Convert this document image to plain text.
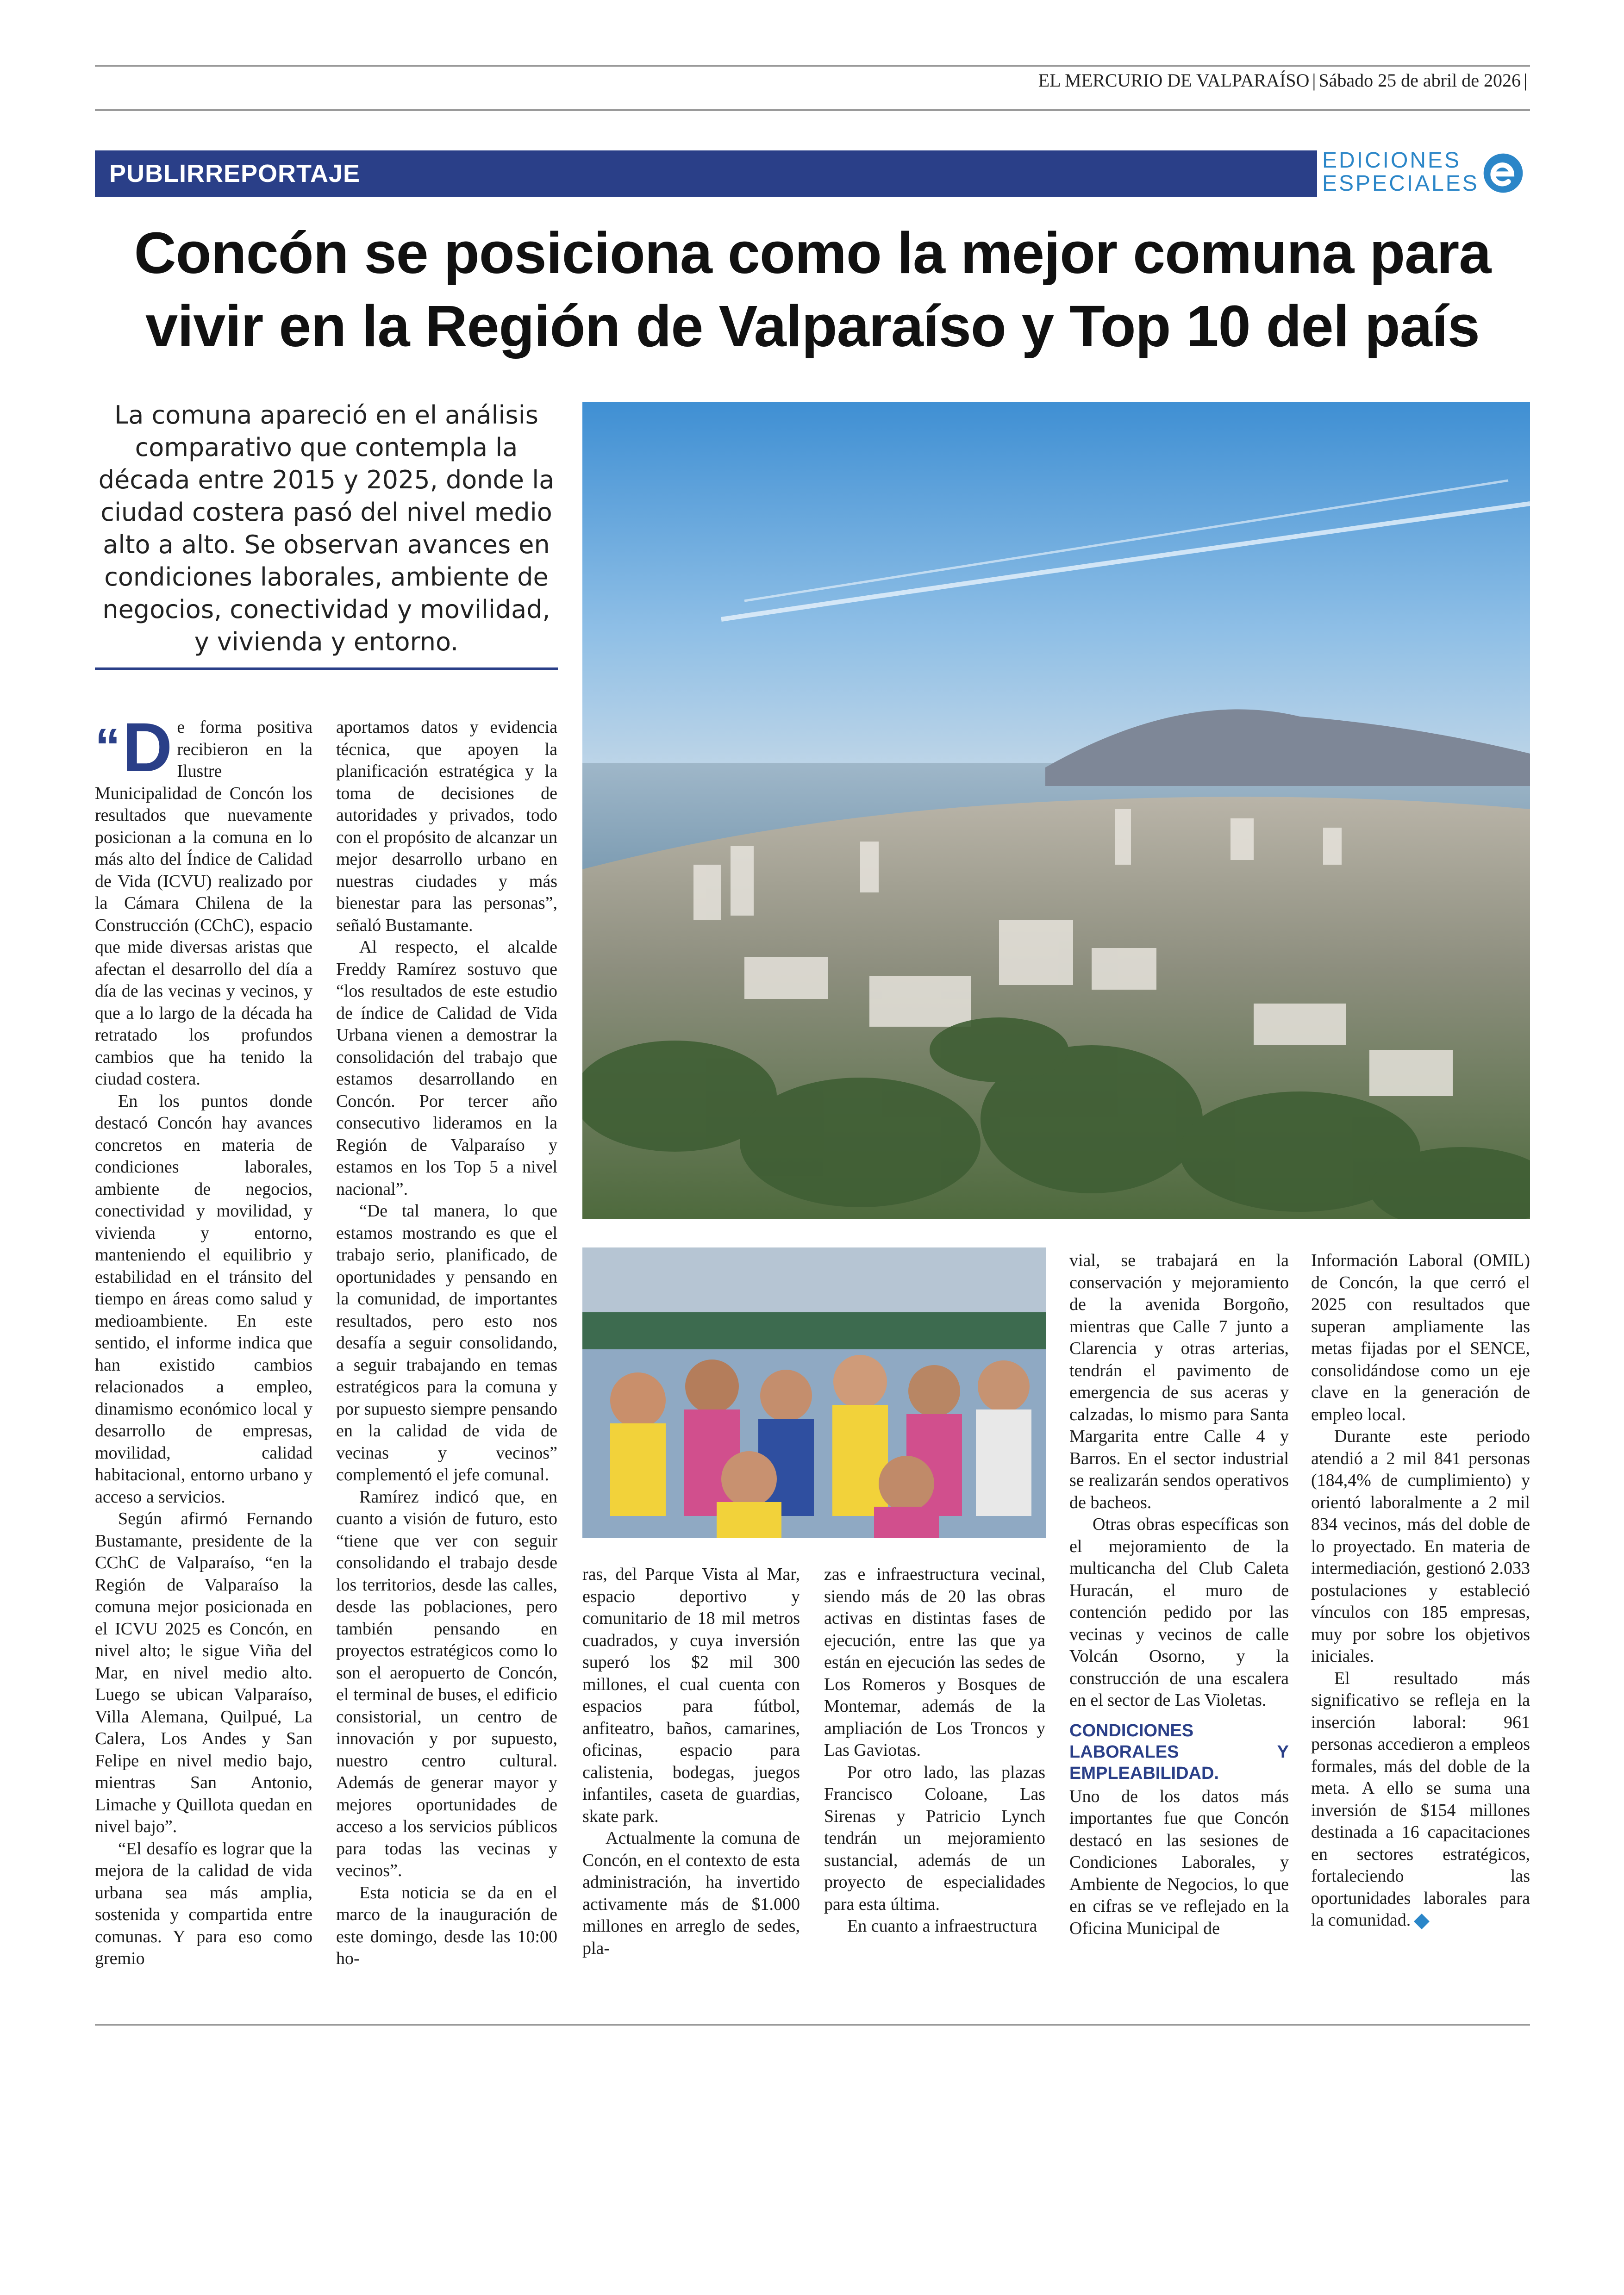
EL MERCURIO DE VALPARAÍSO | Sábado 25 de abril de 2026 |
PUBLIRREPORTAJE	EDICIONES
ESPECIALES
Concón se posiciona como la mejor comuna para
vivir en la Región de Valparaíso y Top 10 del país
La comuna apareció en el análisis comparativo que contempla la década entre 2015 y 2025, donde la ciudad costera pasó del nivel medio alto a alto. Se observan avances en condiciones laborales, ambiente de negocios, conectividad y movilidad, y vivienda y entorno.

“D e forma positiva recibieron en la Ilustre Municipalidad de Concón los resultados que nuevamente posicionan a la comuna en lo más alto del Índice de Calidad de Vida (ICVU) realizado por la Cámara Chilena de la Construcción (CChC), espacio que mide diversas aristas que afectan el desarrollo del día a día de las vecinas y vecinos, y que a lo largo de la década ha retratado los profundos cambios que ha tenido la ciudad costera.

En los puntos donde destacó Concón hay avances concretos en materia de condiciones laborales, ambiente de negocios, conectividad y movilidad, y vivienda y entorno, manteniendo el equilibrio y estabilidad en el tránsito del tiempo en áreas como salud y medioambiente. En este sentido, el informe indica que han existido cambios relacionados a empleo, dinamismo económico local y desarrollo de empresas, movilidad, calidad habitacional, entorno urbano y acceso a servicios.

Según afirmó Fernando Bustamante, presidente de la CChC de Valparaíso, “en la Región de Valparaíso la comuna mejor posicionada en el ICVU 2025 es Concón, en nivel alto; le sigue Viña del Mar, en nivel medio alto. Luego se ubican Valparaíso, Villa Alemana, Quilpué, La Calera, Los Andes y San Felipe en nivel medio bajo, mientras San Antonio, Limache y Quillota quedan en nivel bajo”.

“El desafío es lograr que la mejora de la calidad de vida urbana sea más amplia, sostenida y compartida entre comunas. Y para eso como gremio

aportamos datos y evidencia técnica, que apoyen la planificación estratégica y la toma de decisiones de autoridades y privados, todo con el propósito de alcanzar un mejor desarrollo urbano en nuestras ciudades y más bienestar para las personas”, señaló Bustamante.

Al respecto, el alcalde Freddy Ramírez sostuvo que “los resultados de este estudio de índice de Calidad de Vida Urbana vienen a demostrar la consolidación del trabajo que estamos desarrollando en Concón. Por tercer año consecutivo lideramos en la Región de Valparaíso y estamos en los Top 5 a nivel nacional”.

“De tal manera, lo que estamos mostrando es que el trabajo serio, planificado, de oportunidades y pensando en la comunidad, de importantes resultados, pero esto nos desafía a seguir consolidando, a seguir trabajando en temas estratégicos para la comuna y por supuesto siempre pensando en la calidad de vida de vecinas y vecinos” complementó el jefe comunal.

Ramírez indicó que, en cuanto a visión de futuro, esto “tiene que ver con seguir consolidando el trabajo desde los territorios, desde las calles, desde las poblaciones, pero también pensando en proyectos estratégicos como lo son el aeropuerto de Concón, el terminal de buses, el edificio consistorial, un centro de innovación y por supuesto, nuestro centro cultural. Además de generar mayor y mejores oportunidades de acceso a los servicios públicos para todas las vecinas y vecinos”.

Esta noticia se da en el marco de la inauguración de este domingo, desde las 10:00 ho-

ras, del Parque Vista al Mar, espacio deportivo y comunitario de 18 mil metros cuadrados, y cuya inversión superó los $2 mil 300 millones, el cual cuenta con espacios para fútbol, anfiteatro, baños, camarines, oficinas, espacio para calistenia, bodegas, juegos infantiles, caseta de guardias, skate park.

Actualmente la comuna de Concón, en el contexto de esta administración, ha invertido activamente más de $1.000 millones en arreglo de sedes, pla-

zas e infraestructura vecinal, siendo más de 20 las obras activas en distintas fases de ejecución, entre las que ya están en ejecución las sedes de Los Romeros y Bosques de Montemar, además de la ampliación de Los Troncos y Las Gaviotas.

Por otro lado, las plazas Francisco Coloane, Las Sirenas y Patricio Lynch tendrán un mejoramiento sustancial, además de un proyecto de especialidades para esta última.

En cuanto a infraestructura

vial, se trabajará en la conservación y mejoramiento de la avenida Borgoño, mientras que Calle 7 junto a Clarencia y otras arterias, tendrán el pavimento de emergencia de sus aceras y calzadas, lo mismo para Santa Margarita entre Calle 4 y Barros. En el sector industrial se realizarán sendos operativos de bacheos.

Otras obras específicas son el mejoramiento de la multicancha del Club Caleta Huracán, el muro de contención pedido por las vecinas y vecinos de calle Volcán Osorno, y la construcción de una escalera en el sector de Las Violetas.

CONDICIONES LABORALES Y EMPLEABILIDAD.

Uno de los datos más importantes fue que Concón destacó en las sesiones de Condiciones Laborales, y Ambiente de Negocios, lo que en cifras se ve reflejado en la Oficina Municipal de

Información Laboral (OMIL) de Concón, la que cerró el 2025 con resultados que superan ampliamente las metas fijadas por el SENCE, consolidándose como un eje clave en la generación de empleo local.

Durante este periodo atendió a 2 mil 841 personas (184,4% de cumplimiento) y orientó laboralmente a 2 mil 834 vecinos, más del doble de lo proyectado. En materia de intermediación, gestionó 2.033 postulaciones y estableció vínculos con 185 empresas, muy por sobre los objetivos iniciales.

El resultado más significativo se refleja en la inserción laboral: 961 personas accedieron a empleos formales, más del doble de la meta. A ello se suma una inversión de $154 millones destinada a 16 capacitaciones en sectores estratégicos, fortaleciendo las oportunidades laborales para la comunidad.
